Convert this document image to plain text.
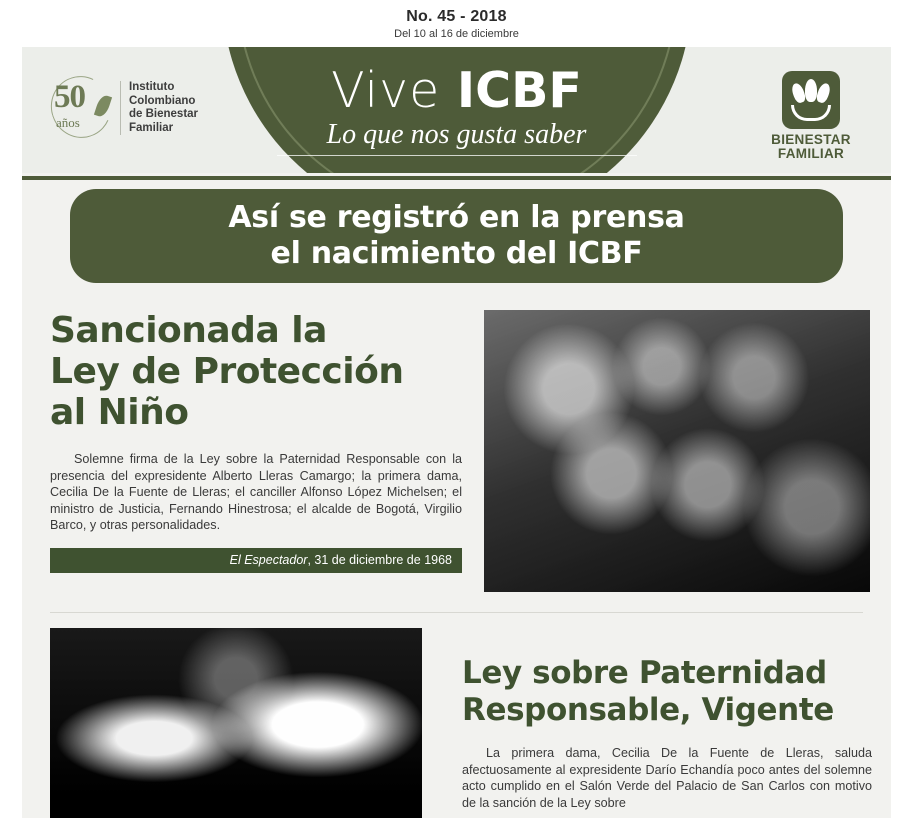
No. 45 - 2018
Del 10 al 16 de diciembre
50
años
Instituto
Colombiano
de Bienestar
Familiar
Vive ICBF
Lo que nos gusta saber	BIENESTAR
FAMILIAR
Así se registró en la prensa
el nacimiento del ICBF
Sancionada la
Ley de Protección
al Niño
Solemne firma de la Ley sobre la Paternidad Responsable con la presencia del expresidente Alberto Lleras Camargo; la primera dama, Cecilia De la Fuente de Lleras; el canciller Alfonso López Michelsen; el ministro de Justicia, Fernando Hinestrosa; el alcalde de Bogotá, Virgilio Barco, y otras personalidades.
El Espectador , 31 de diciembre de 1968
Ley sobre Paternidad
Responsable, Vigente
La primera dama, Cecilia De la Fuente de Lleras, saluda afectuosamente al expresidente Darío Echandía poco antes del solemne acto cumplido en el Salón Verde del Palacio de San Carlos con motivo de la sanción de la Ley sobre
